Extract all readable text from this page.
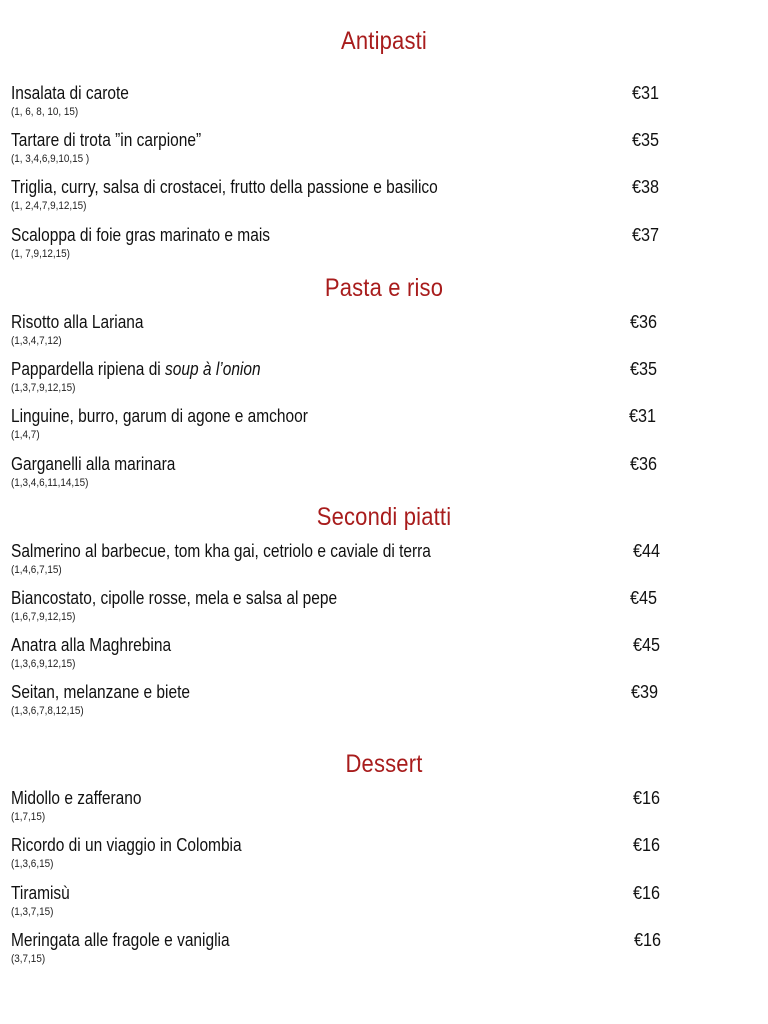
Antipasti
Insalata di carote	€31
(1, 6, 8, 10, 15)
Tartare di trota ”in carpione”	€35
(1, 3,4,6,9,10,15 )
Triglia, curry, salsa di crostacei, frutto della passione e basilico	€38
(1, 2,4,7,9,12,15)
Scaloppa di foie gras marinato e mais	€37
(1, 7,9,12,15)
Pasta e riso
Risotto alla Lariana	€36
(1,3,4,7,12)
Pappardella ripiena di soup à l’onion	€35
(1,3,7,9,12,15)
Linguine, burro, garum di agone e amchoor	€31
(1,4,7)
Garganelli alla marinara	€36
(1,3,4,6,11,14,15)
Secondi piatti
Salmerino al barbecue, tom kha gai, cetriolo e caviale di terra	€44
(1,4,6,7,15)
Biancostato, cipolle rosse, mela e salsa al pepe	€45
(1,6,7,9,12,15)
Anatra alla Maghrebina	€45
(1,3,6,9,12,15)
Seitan, melanzane e biete	€39
(1,3,6,7,8,12,15)
Dessert
Midollo e zafferano	€16
(1,7,15)
Ricordo di un viaggio in Colombia	€16
(1,3,6,15)
Tiramisù	€16
(1,3,7,15)
Meringata alle fragole e vaniglia	€16
(3,7,15)
